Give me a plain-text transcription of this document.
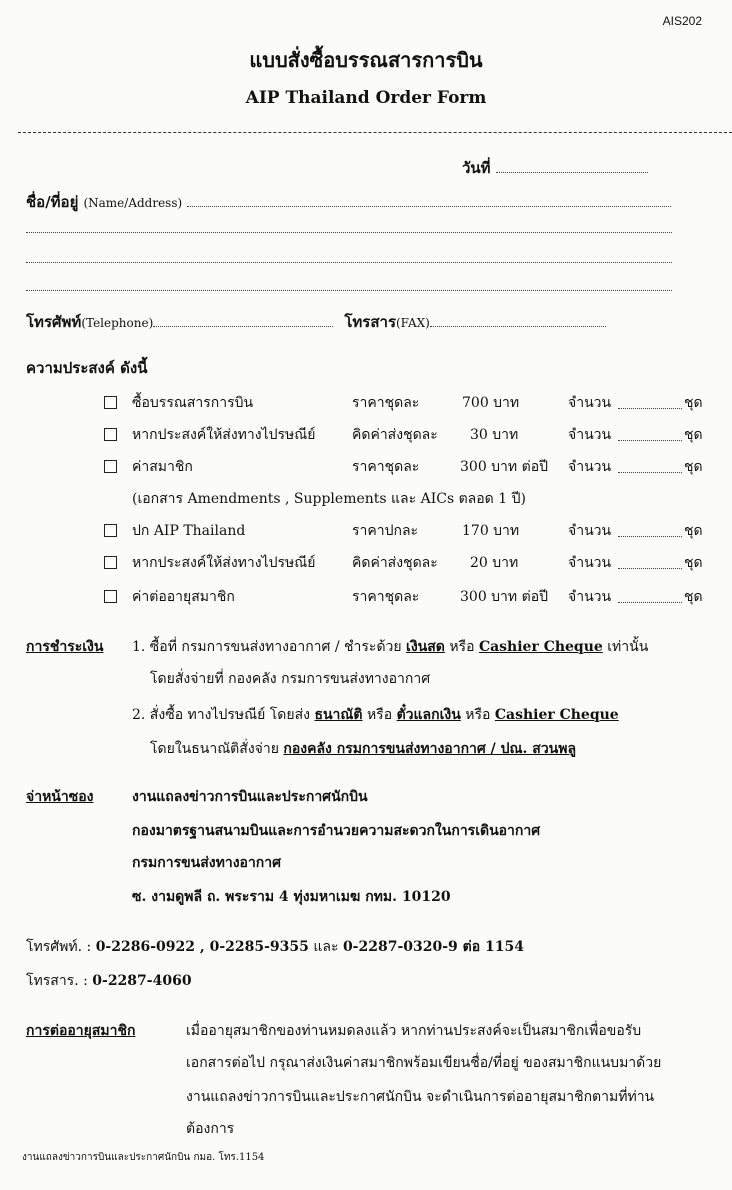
AIS202
แบบสั่งซื้อบรรณสารการบิน
AIP Thailand Order Form
วันที่
ชื่อ/ที่อยู่ (Name/Address)
โทรศัพท์(Telephone)	โทรสาร(FAX)
ความประสงค์ ดังนี้
ซื้อบรรณสารการบิน	ราคาชุดละ	700 บาท	จำนวน	ชุด
หากประสงค์ให้ส่งทางไปรษณีย์	คิดค่าส่งชุดละ 30 บาท	จำนวน	ชุด
ค่าสมาชิก	ราคาชุดละ	300 บาท ต่อปี จำนวน	ชุด
(เอกสาร Amendments , Supplements และ AICs ตลอด 1 ปี)
ปก AIP Thailand	ราคาปกละ	170 บาท	จำนวน	ชุด
หากประสงค์ให้ส่งทางไปรษณีย์	คิดค่าส่งชุดละ 20 บาท	จำนวน	ชุด
ค่าต่ออายุสมาชิก	ราคาชุดละ	300 บาท ต่อปี จำนวน	ชุด
การชำระเงิน 1. ซื้อที่ กรมการขนส่งทางอากาศ / ชำระด้วย เงินสด หรือ Cashier Cheque เท่านั้น
โดยสั่งจ่ายที่ กองคลัง กรมการขนส่งทางอากาศ
2. สั่งซื้อ ทางไปรษณีย์ โดยส่ง ธนาณัติ หรือ ตั๋วแลกเงิน หรือ Cashier Cheque
โดยในธนาณัติสั่งจ่าย กองคลัง กรมการขนส่งทางอากาศ / ปณ. สวนพลู
จ่าหน้าซอง	งานแถลงข่าวการบินและประกาศนักบิน
กองมาตรฐานสนามบินและการอำนวยความสะดวกในการเดินอากาศ
กรมการขนส่งทางอากาศ
ซ. งามดูพลี ถ. พระราม 4 ทุ่งมหาเมฆ กทม. 10120
โทรศัพท์. : 0-2286-0922 , 0-2285-9355 และ 0-2287-0320-9 ต่อ 1154
โทรสาร. : 0-2287-4060
การต่ออายุสมาชิก	เมื่ออายุสมาชิกของท่านหมดลงแล้ว หากท่านประสงค์จะเป็นสมาชิกเพื่อขอรับ
เอกสารต่อไป กรุณาส่งเงินค่าสมาชิกพร้อมเขียนชื่อ/ที่อยู่ ของสมาชิกแนบมาด้วย
งานแถลงข่าวการบินและประกาศนักบิน จะดำเนินการต่ออายุสมาชิกตามที่ท่าน
ต้องการ
งานแถลงข่าวการบินและประกาศนักบิน กมอ. โทร.1154
